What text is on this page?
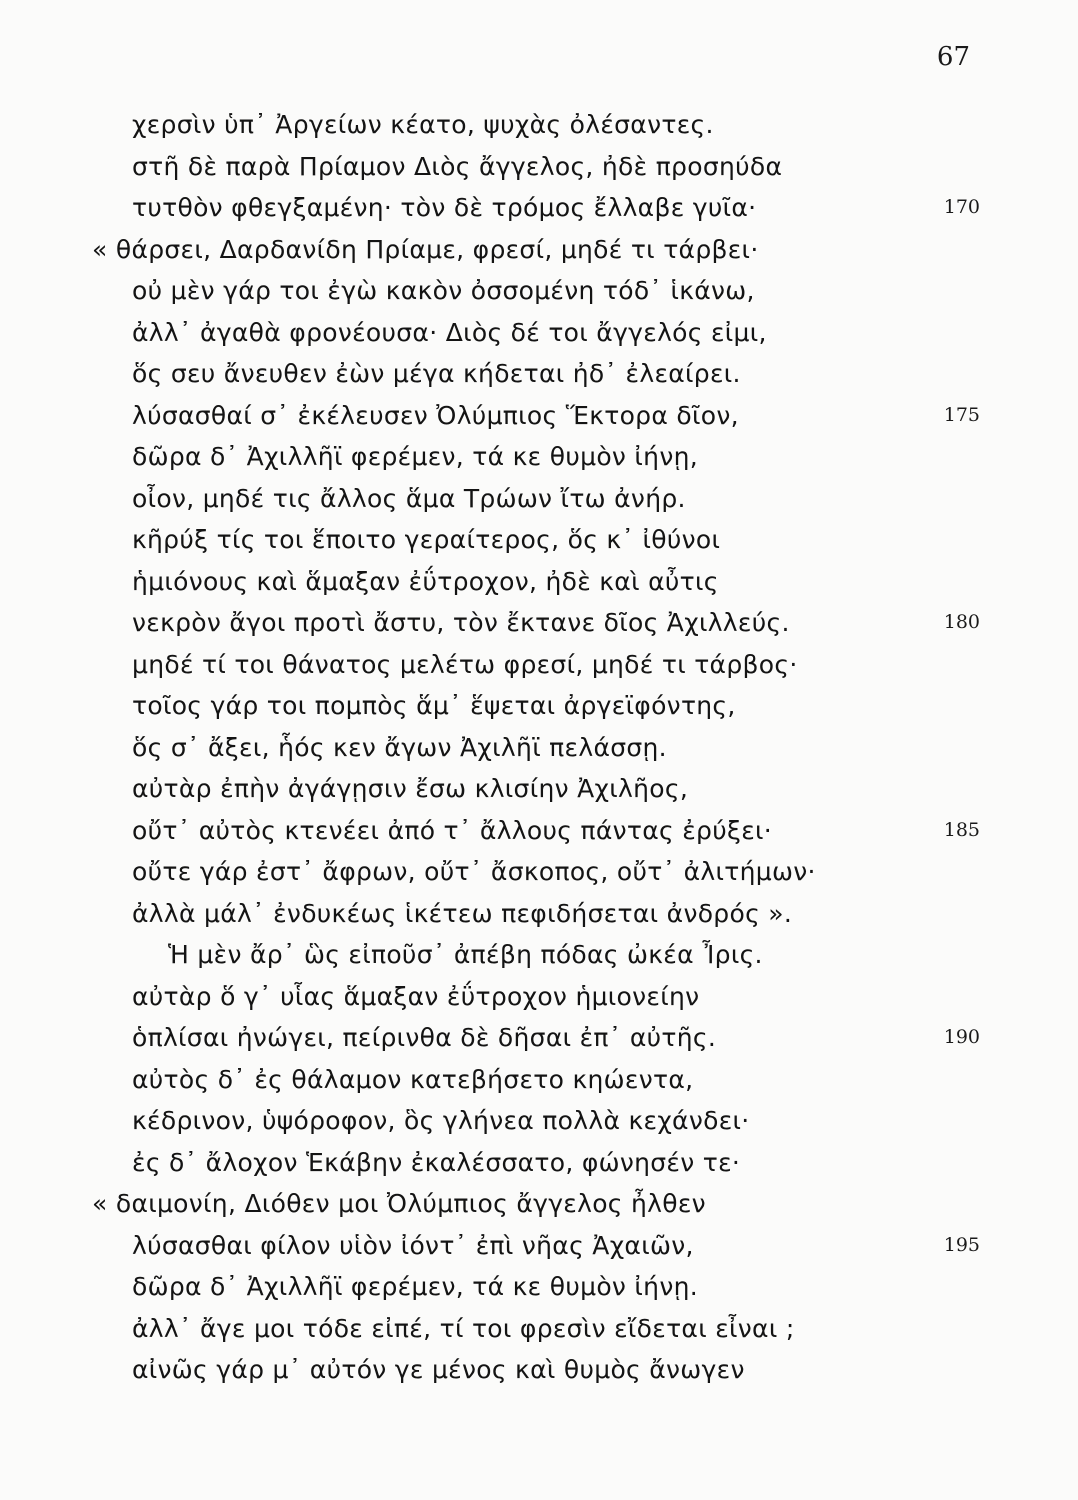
67
χερσὶν ὑπ᾽ Ἀργείων κέατο, ψυχὰς ὀλέσαντες.
στῆ δὲ παρὰ Πρίαμον Διὸς ἄγγελος, ἠδὲ προσηύδα
τυτθὸν φθεγξαμένη· τὸν δὲ τρόμος ἔλλαβε γυῖα·	170
« θάρσει, Δαρδανίδη Πρίαμε, φρεσί, μηδέ τι τάρβει·
οὐ μὲν γάρ τοι ἐγὼ κακὸν ὀσσομένη τόδ᾽ ἱκάνω,
ἀλλ᾽ ἀγαθὰ φρονέουσα· Διὸς δέ τοι ἄγγελός εἰμι,
ὅς σευ ἄνευθεν ἐὼν μέγα κήδεται ἠδ᾽ ἐλεαίρει.
λύσασθαί σ᾽ ἐκέλευσεν Ὀλύμπιος Ἕκτορα δῖον,	175
δῶρα δ᾽ Ἀχιλλῆϊ φερέμεν, τά κε θυμὸν ἰήνῃ,
οἶον, μηδέ τις ἄλλος ἅμα Τρώων ἴτω ἀνήρ.
κῆρύξ τίς τοι ἕποιτο γεραίτερος, ὅς κ᾽ ἰθύνοι
ἡμιόνους καὶ ἅμαξαν ἐΰτροχον, ἠδὲ καὶ αὖτις
νεκρὸν ἄγοι προτὶ ἄστυ, τὸν ἔκτανε δῖος Ἀχιλλεύς.	180
μηδέ τί τοι θάνατος μελέτω φρεσί, μηδέ τι τάρβος·
τοῖος γάρ τοι πομπὸς ἅμ᾽ ἕψεται ἀργεϊφόντης,
ὅς σ᾽ ἄξει, ἧός κεν ἄγων Ἀχιλῆϊ πελάσσῃ.
αὐτὰρ ἐπὴν ἀγάγῃσιν ἔσω κλισίην Ἀχιλῆος,
οὔτ᾽ αὐτὸς κτενέει ἀπό τ᾽ ἄλλους πάντας ἐρύξει·	185
οὔτε γάρ ἐστ᾽ ἄφρων, οὔτ᾽ ἄσκοπος, οὔτ᾽ ἀλιτήμων·
ἀλλὰ μάλ᾽ ἐνδυκέως ἱκέτεω πεφιδήσεται ἀνδρός ».
Ἡ μὲν ἄρ᾽ ὣς εἰποῦσ᾽ ἀπέβη πόδας ὠκέα Ἶρις.
αὐτὰρ ὅ γ᾽ υἷας ἅμαξαν ἐΰτροχον ἡμιονείην
ὁπλίσαι ἠνώγει, πείρινθα δὲ δῆσαι ἐπ᾽ αὐτῆς.	190
αὐτὸς δ᾽ ἐς θάλαμον κατεβήσετο κηώεντα,
κέδρινον, ὑψόροφον, ὃς γλήνεα πολλὰ κεχάνδει·
ἐς δ᾽ ἄλοχον Ἑκάβην ἐκαλέσσατο, φώνησέν τε·
« δαιμονίη, Διόθεν μοι Ὀλύμπιος ἄγγελος ἦλθεν
λύσασθαι φίλον υἱὸν ἰόντ᾽ ἐπὶ νῆας Ἀχαιῶν,	195
δῶρα δ᾽ Ἀχιλλῆϊ φερέμεν, τά κε θυμὸν ἰήνῃ.
ἀλλ᾽ ἄγε μοι τόδε εἰπέ, τί τοι φρεσὶν εἴδεται εἶναι ;
αἰνῶς γάρ μ᾽ αὐτόν γε μένος καὶ θυμὸς ἄνωγεν
